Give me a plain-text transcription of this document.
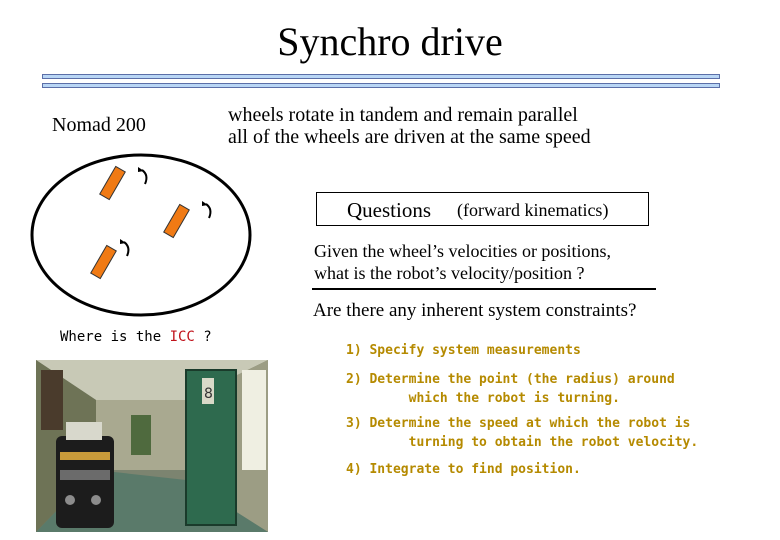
Synchro drive
Nomad 200	wheels rotate in tandem and remain parallel
all of the wheels are driven at the same speed
Where is the ICC ?
Questions (forward kinematics)
Given the wheel’s velocities or positions,
what is the robot’s velocity/position ?
Are there any inherent system constraints?
1) Specify system measurements
2) Determine the point (the radius) around
which the robot is turning.
3) Determine the speed at which the robot is
turning to obtain the robot velocity.
4) Integrate to find position.
8
